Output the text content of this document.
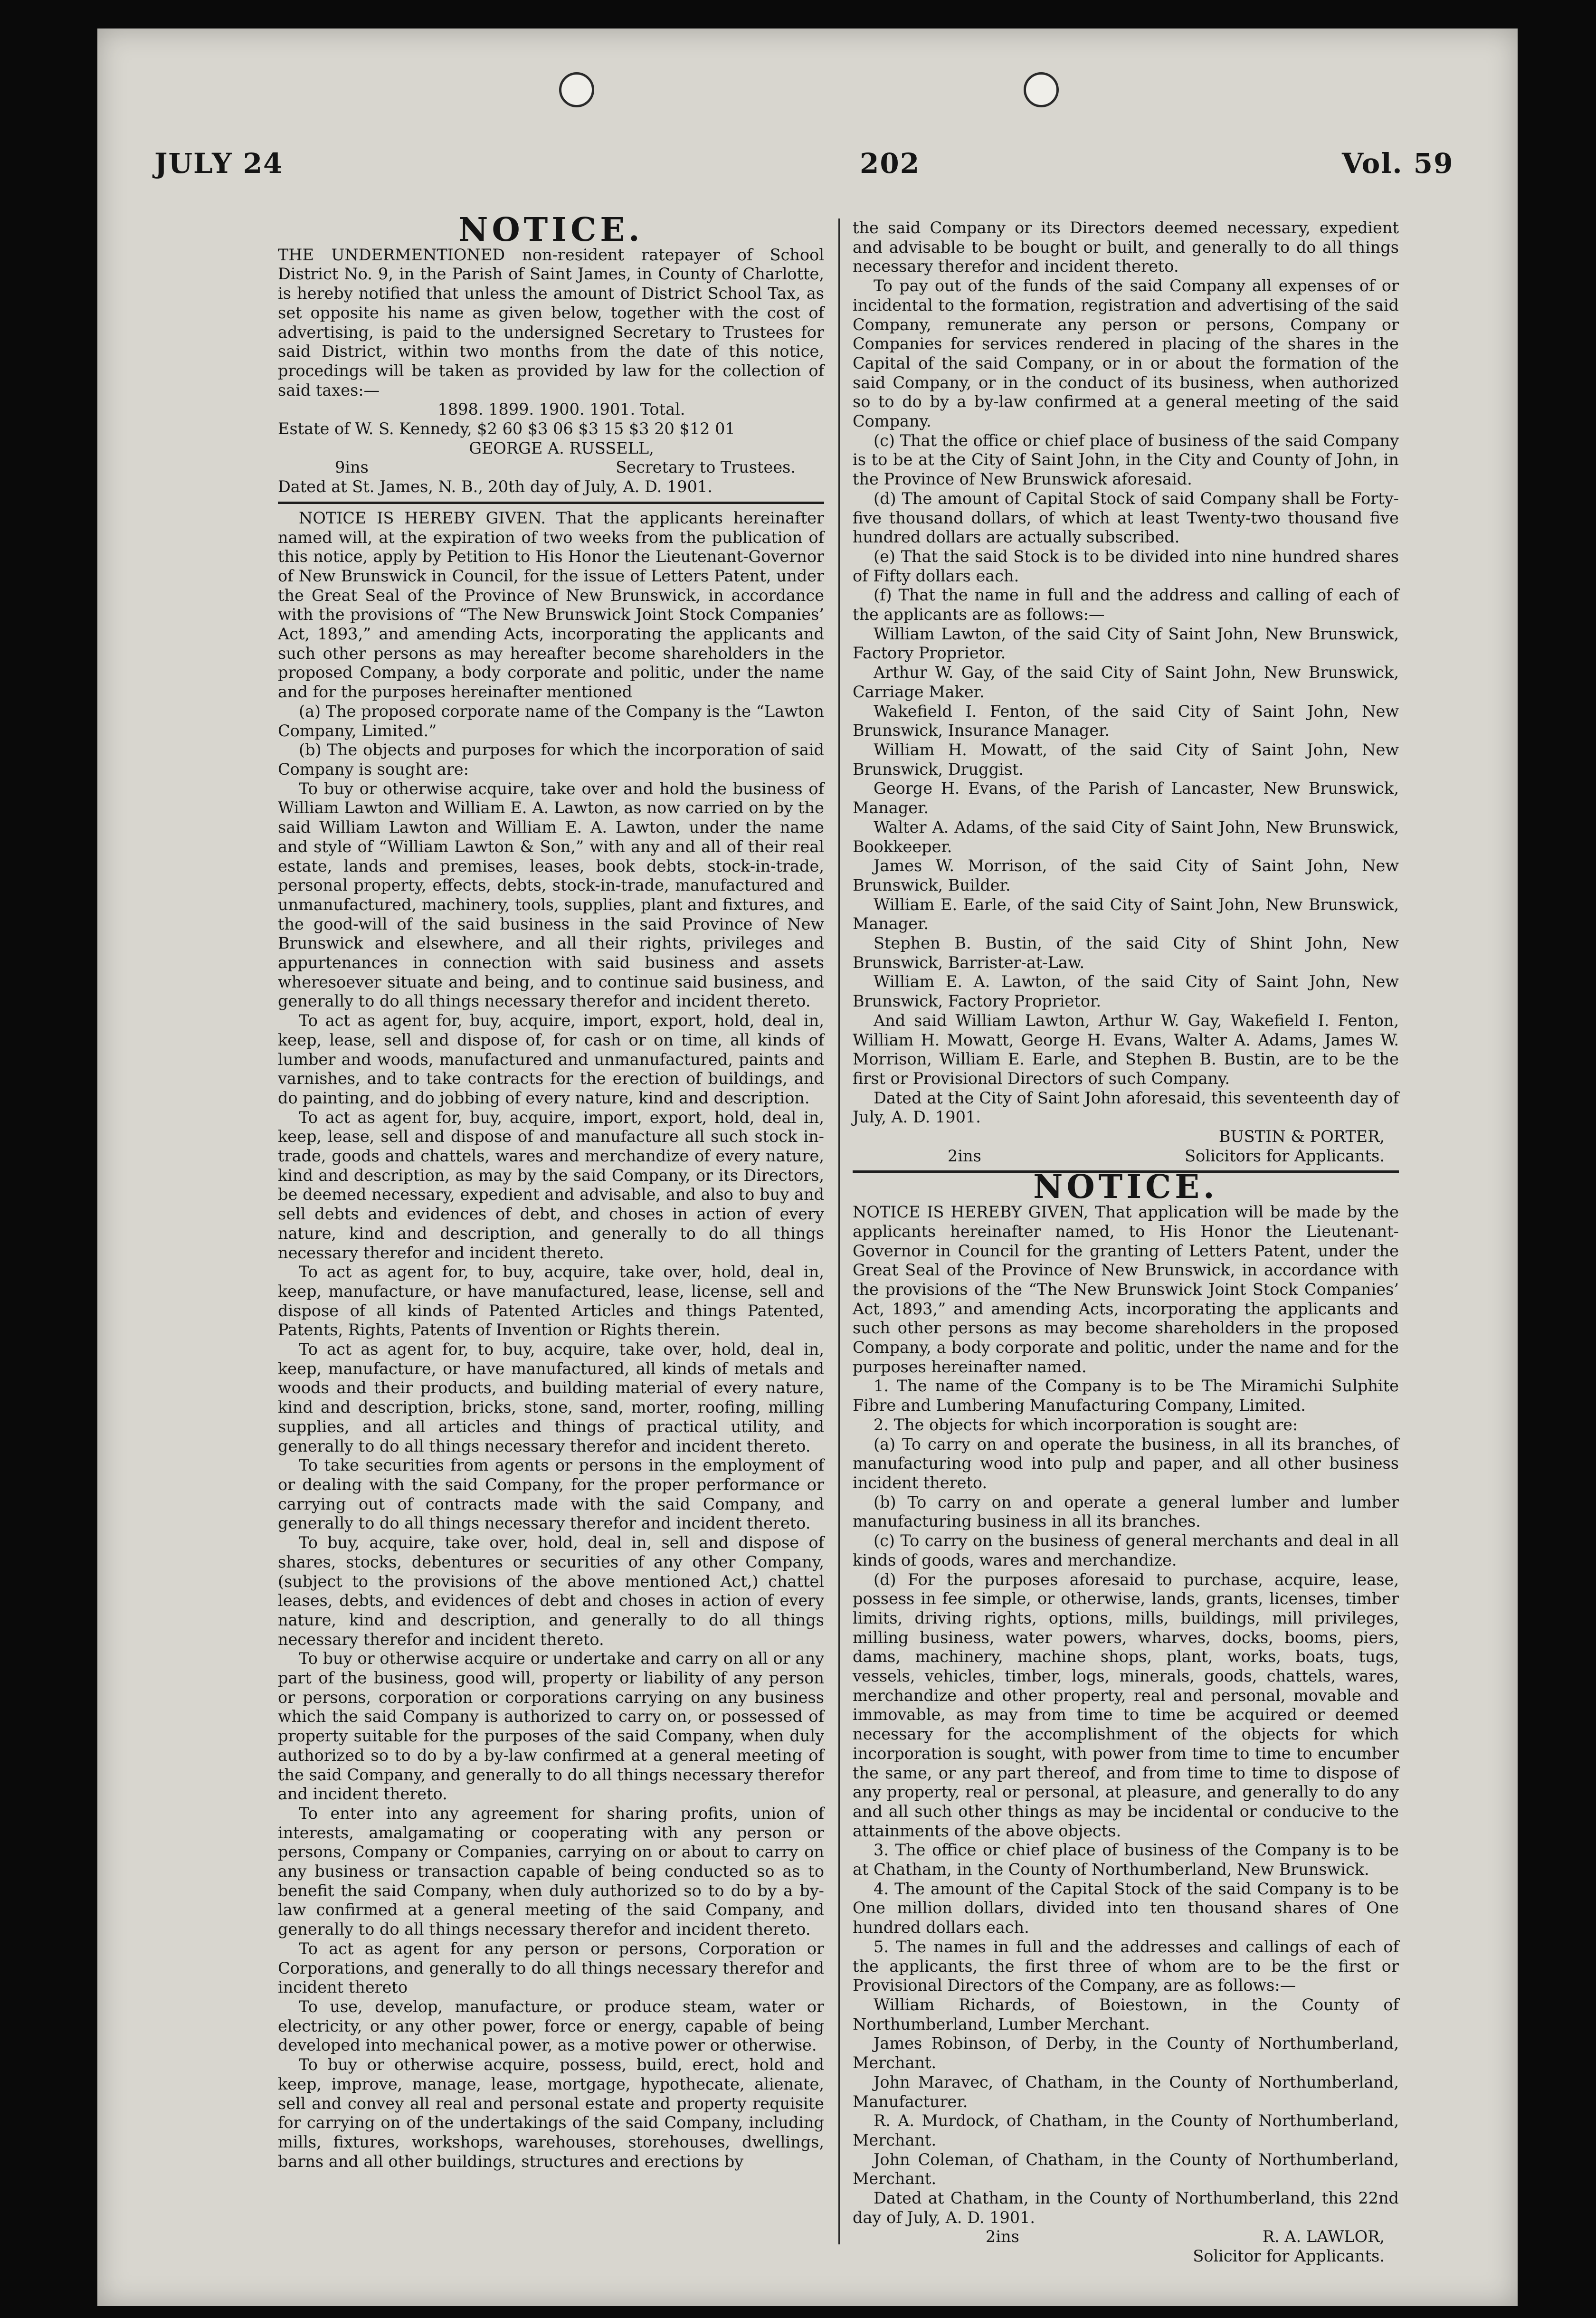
JULY 24	202	Vol. 59
NOTICE.

THE UNDERMENTIONED non-resident ratepayer of School District No. 9, in the Parish of Saint James, in County of Charlotte, is hereby notified that unless the amount of District School Tax, as set opposite his name as given below, together with the cost of advertising, is paid to the undersigned Secretary to Trustees for said District, within two months from the date of this notice, procedings will be taken as provided by law for the collection of said taxes:—

1898. 1899. 1900. 1901. Total.

Estate of W. S. Kennedy, $2 60 $3 06 $3 15 $3 20 $12 01

GEORGE A. RUSSELL,

9ins	Secretary to Trustees.

Dated at St. James, N. B., 20th day of July, A. D. 1901.

NOTICE IS HEREBY GIVEN. That the applicants hereinafter named will, at the expiration of two weeks from the publication of this notice, apply by Petition to His Honor the Lieutenant-Governor of New Brunswick in Council, for the issue of Letters Patent, under the Great Seal of the Province of New Brunswick, in accordance with the provisions of “The New Brunswick Joint Stock Companies’ Act, 1893,” and amending Acts, incorporating the applicants and such other persons as may hereafter become shareholders in the proposed Company, a body corporate and politic, under the name and for the purposes hereinafter mentioned

(a) The proposed corporate name of the Company is the “Lawton Company, Limited.”

(b) The objects and purposes for which the incorporation of said Company is sought are:

To buy or otherwise acquire, take over and hold the business of William Lawton and William E. A. Lawton, as now carried on by the said William Lawton and William E. A. Lawton, under the name and style of “William Lawton & Son,” with any and all of their real estate, lands and premises, leases, book debts, stock-in-trade, personal property, effects, debts, stock-in-trade, manufactured and unmanufactured, machinery, tools, supplies, plant and fixtures, and the good-will of the said business in the said Province of New Brunswick and elsewhere, and all their rights, privileges and appurtenances in connection with said business and assets wheresoever situate and being, and to continue said business, and generally to do all things necessary therefor and incident thereto.

To act as agent for, buy, acquire, import, export, hold, deal in, keep, lease, sell and dispose of, for cash or on time, all kinds of lumber and woods, manufactured and unmanufactured, paints and varnishes, and to take contracts for the erection of buildings, and do painting, and do jobbing of every nature, kind and description.

To act as agent for, buy, acquire, import, export, hold, deal in, keep, lease, sell and dispose of and manufacture all such stock in-trade, goods and chattels, wares and merchandize of every nature, kind and description, as may by the said Company, or its Directors, be deemed necessary, expedient and advisable, and also to buy and sell debts and evidences of debt, and choses in action of every nature, kind and description, and generally to do all things necessary therefor and incident thereto.

To act as agent for, to buy, acquire, take over, hold, deal in, keep, manufacture, or have manufactured, lease, license, sell and dispose of all kinds of Patented Articles and things Patented, Patents, Rights, Patents of Invention or Rights therein.

To act as agent for, to buy, acquire, take over, hold, deal in, keep, manufacture, or have manufactured, all kinds of metals and woods and their products, and building material of every nature, kind and description, bricks, stone, sand, morter, roofing, milling supplies, and all articles and things of practical utility, and generally to do all things necessary therefor and incident thereto.

To take securities from agents or persons in the employment of or dealing with the said Company, for the proper performance or carrying out of contracts made with the said Company, and generally to do all things necessary therefor and incident thereto.

To buy, acquire, take over, hold, deal in, sell and dispose of shares, stocks, debentures or securities of any other Company, (subject to the provisions of the above mentioned Act,) chattel leases, debts, and evidences of debt and choses in action of every nature, kind and description, and generally to do all things necessary therefor and incident thereto.

To buy or otherwise acquire or undertake and carry on all or any part of the business, good will, property or liability of any person or persons, corporation or corporations carrying on any business which the said Company is authorized to carry on, or possessed of property suitable for the purposes of the said Company, when duly authorized so to do by a by-law confirmed at a general meeting of the said Company, and generally to do all things necessary therefor and incident thereto.

To enter into any agreement for sharing profits, union of interests, amalgamating or cooperating with any person or persons, Company or Companies, carrying on or about to carry on any business or transaction capable of being conducted so as to benefit the said Company, when duly authorized so to do by a by-law confirmed at a general meeting of the said Company, and generally to do all things necessary therefor and incident thereto.

To act as agent for any person or persons, Corporation or Corporations, and generally to do all things necessary therefor and incident thereto

To use, develop, manufacture, or produce steam, water or electricity, or any other power, force or energy, capable of being developed into mechanical power, as a motive power or otherwise.

To buy or otherwise acquire, possess, build, erect, hold and keep, improve, manage, lease, mortgage, hypothecate, alienate, sell and convey all real and personal estate and property requisite for carrying on of the undertakings of the said Company, including mills, fixtures, workshops, warehouses, storehouses, dwellings, barns and all other buildings, structures and erections by

the said Company or its Directors deemed necessary, expedient and advisable to be bought or built, and generally to do all things necessary therefor and incident thereto.

To pay out of the funds of the said Company all expenses of or incidental to the formation, registration and advertising of the said Company, remunerate any person or persons, Company or Companies for services rendered in placing of the shares in the Capital of the said Company, or in or about the formation of the said Company, or in the conduct of its business, when authorized so to do by a by-law confirmed at a general meeting of the said Company.

(c) That the office or chief place of business of the said Company is to be at the City of Saint John, in the City and County of John, in the Province of New Brunswick aforesaid.

(d) The amount of Capital Stock of said Company shall be Forty-five thousand dollars, of which at least Twenty-two thousand five hundred dollars are actually subscribed.

(e) That the said Stock is to be divided into nine hundred shares of Fifty dollars each.

(f) That the name in full and the address and calling of each of the applicants are as follows:—

William Lawton, of the said City of Saint John, New Brunswick, Factory Proprietor.

Arthur W. Gay, of the said City of Saint John, New Brunswick, Carriage Maker.

Wakefield I. Fenton, of the said City of Saint John, New Brunswick, Insurance Manager.

William H. Mowatt, of the said City of Saint John, New Brunswick, Druggist.

George H. Evans, of the Parish of Lancaster, New Brunswick, Manager.

Walter A. Adams, of the said City of Saint John, New Brunswick, Bookkeeper.

James W. Morrison, of the said City of Saint John, New Brunswick, Builder.

William E. Earle, of the said City of Saint John, New Brunswick, Manager.

Stephen B. Bustin, of the said City of Shint John, New Brunswick, Barrister-at-Law.

William E. A. Lawton, of the said City of Saint John, New Brunswick, Factory Proprietor.

And said William Lawton, Arthur W. Gay, Wakefield I. Fenton, William H. Mowatt, George H. Evans, Walter A. Adams, James W. Morrison, William E. Earle, and Stephen B. Bustin, are to be the first or Provisional Directors of such Company.

Dated at the City of Saint John aforesaid, this seventeenth day of July, A. D. 1901.

BUSTIN & PORTER,

2ins	Solicitors for Applicants.
NOTICE.

NOTICE IS HEREBY GIVEN, That application will be made by the applicants hereinafter named, to His Honor the Lieutenant-Governor in Council for the granting of Letters Patent, under the Great Seal of the Province of New Brunswick, in accordance with the provisions of the “The New Brunswick Joint Stock Companies’ Act, 1893,” and amending Acts, incorporating the applicants and such other persons as may become shareholders in the proposed Company, a body corporate and politic, under the name and for the purposes hereinafter named.

1. The name of the Company is to be The Miramichi Sulphite Fibre and Lumbering Manufacturing Company, Limited.

2. The objects for which incorporation is sought are:

(a) To carry on and operate the business, in all its branches, of manufacturing wood into pulp and paper, and all other business incident thereto.

(b) To carry on and operate a general lumber and lumber manufacturing business in all its branches.

(c) To carry on the business of general merchants and deal in all kinds of goods, wares and merchandize.

(d) For the purposes aforesaid to purchase, acquire, lease, possess in fee simple, or otherwise, lands, grants, licenses, timber limits, driving rights, options, mills, buildings, mill privileges, milling business, water powers, wharves, docks, booms, piers, dams, machinery, machine shops, plant, works, boats, tugs, vessels, vehicles, timber, logs, minerals, goods, chattels, wares, merchandize and other property, real and personal, movable and immovable, as may from time to time be acquired or deemed necessary for the accomplishment of the objects for which incorporation is sought, with power from time to time to encumber the same, or any part thereof, and from time to time to dispose of any property, real or personal, at pleasure, and generally to do any and all such other things as may be incidental or conducive to the attainments of the above objects.

3. The office or chief place of business of the Company is to be at Chatham, in the County of Northumberland, New Brunswick.

4. The amount of the Capital Stock of the said Company is to be One million dollars, divided into ten thousand shares of One hundred dollars each.

5. The names in full and the addresses and callings of each of the applicants, the first three of whom are to be the first or Provisional Directors of the Company, are as follows:—

William Richards, of Boiestown, in the County of Northumberland, Lumber Merchant.

James Robinson, of Derby, in the County of Northumberland, Merchant.

John Maravec, of Chatham, in the County of Northumberland, Manufacturer.

R. A. Murdock, of Chatham, in the County of Northumberland, Merchant.

John Coleman, of Chatham, in the County of Northumberland, Merchant.

Dated at Chatham, in the County of Northumberland, this 22nd day of July, A. D. 1901.

2ins	R. A. LAWLOR,

Solicitor for Applicants.
